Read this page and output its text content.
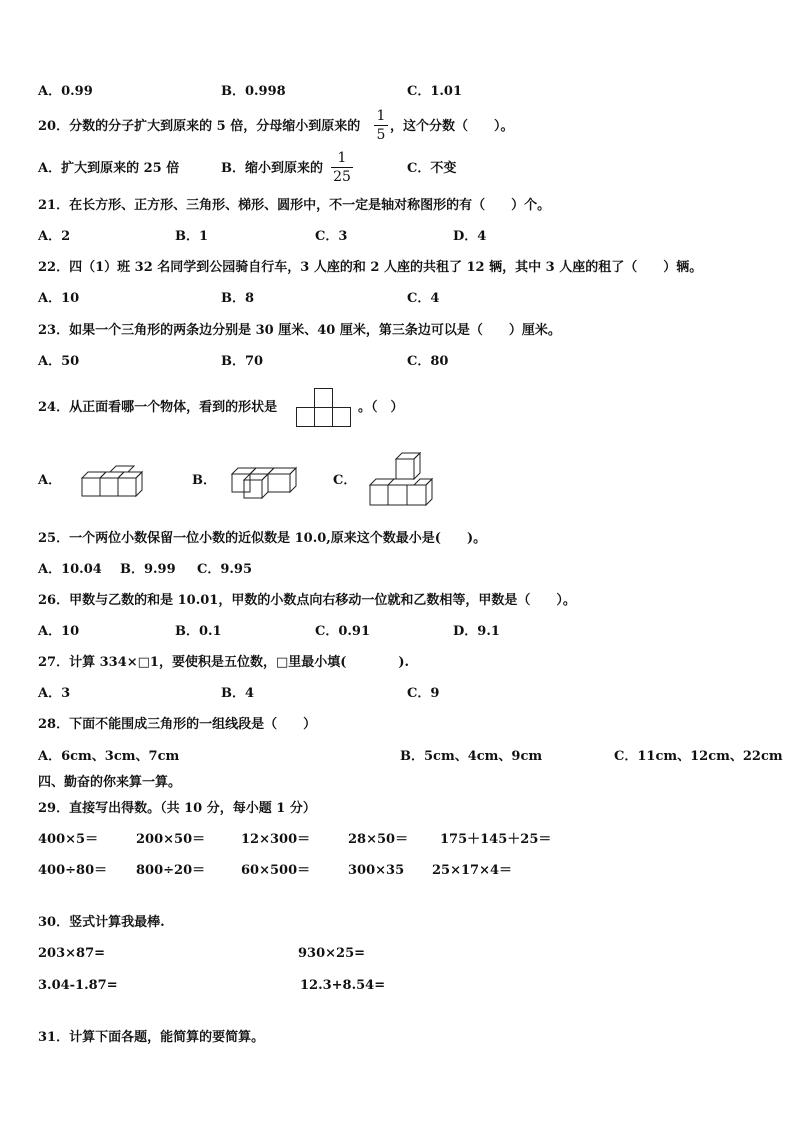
A．0.99	B．0.998	C．1.01
20．分数的分子扩大到原来的 5 倍，分母缩小到原来的
1
5
，这个分数（　　）。
A．扩大到原来的 25 倍	B．缩小到原来的
1
25
C．不变
21．在长方形、正方形、三角形、梯形、圆形中，不一定是轴对称图形的有（　　）个。
A．2	B．1	C．3	D．4
22．四（1）班 32 名同学到公园骑自行车，3 人座的和 2 人座的共租了 12 辆，其中 3 人座的租了（　　）辆。
A．10	B．8	C．4
23．如果一个三角形的两条边分别是 30 厘米、40 厘米，第三条边可以是（　　）厘米。
A．50	B．70	C．80
24．从正面看哪一个物体，看到的形状是	。（　）
A．	B．	C．
25．一个两位小数保留一位小数的近似数是 10.0,原来这个数最小是(　　)。
A．10.04 B．9.99 C．9.95
26．甲数与乙数的和是 10.01，甲数的小数点向右移动一位就和乙数相等，甲数是（　　）。
A．10	B．0.1	C．0.91	D．9.1
27．计算 334×□1，要使积是五位数，□里最小填(　　　　).
A．3	B．4	C．9
28．下面不能围成三角形的一组线段是（　　）
A．6cm、3cm、7cm	B．5cm、4cm、9cm	C．11cm、12cm、22cm
四、勤奋的你来算一算。
29．直接写出得数。（共 10 分，每小题 1 分）
400×5＝	200×50＝	12×300＝	28×50＝ 175＋145＋25＝
400÷80＝ 800÷20＝	60×500＝	300×35 25×17×4＝
30．竖式计算我最棒.
203×87=	930×25=
3.04-1.87=	12.3+8.54=
31．计算下面各题，能简算的要简算。
